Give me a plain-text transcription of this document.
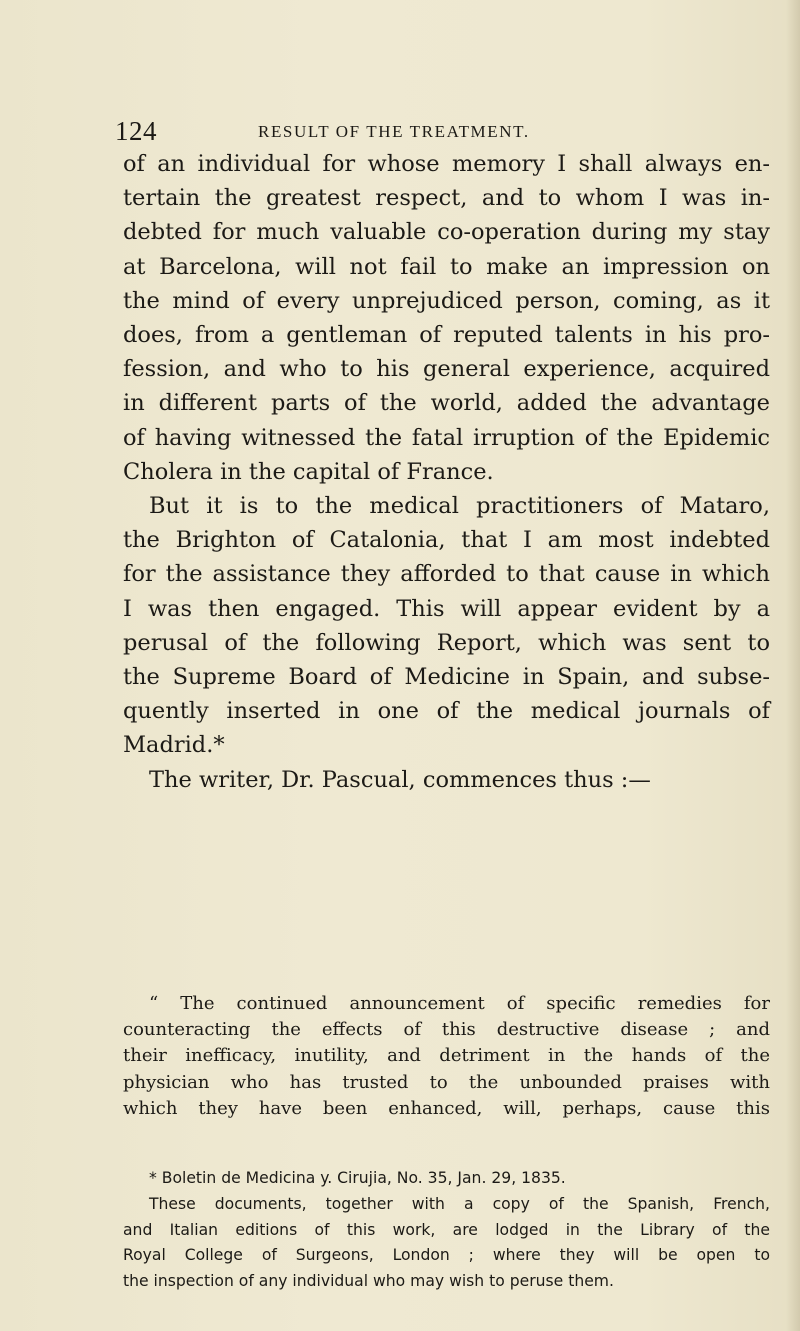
124	RESULT OF THE TREATMENT.
of an individual for whose memory I shall always en-
tertain the greatest respect, and to whom I was in-
debted for much valuable co-operation during my stay
at Barcelona, will not fail to make an impression on
the mind of every unprejudiced person, coming, as it
does, from a gentleman of reputed talents in his pro-
fession, and who to his general experience, acquired
in different parts of the world, added the advantage
of having witnessed the fatal irruption of the Epidemic
Cholera in the capital of France.
But it is to the medical practitioners of Mataro,
the Brighton of Catalonia, that I am most indebted
for the assistance they afforded to that cause in which
I was then engaged. This will appear evident by a
perusal of the following Report, which was sent to
the Supreme Board of Medicine in Spain, and subse-
quently inserted in one of the medical journals of
Madrid.*
The writer, Dr. Pascual, commences thus :—
“ The continued announcement of specific remedies for
counteracting the effects of this destructive disease ; and
their inefficacy, inutility, and detriment in the hands of the
physician who has trusted to the unbounded praises with
which they have been enhanced, will, perhaps, cause this
* Boletin de Medicina y. Cirujia, No. 35, Jan. 29, 1835.
These documents, together with a copy of the Spanish, French,
and Italian editions of this work, are lodged in the Library of the
Royal College of Surgeons, London ; where they will be open to
the inspection of any individual who may wish to peruse them.
